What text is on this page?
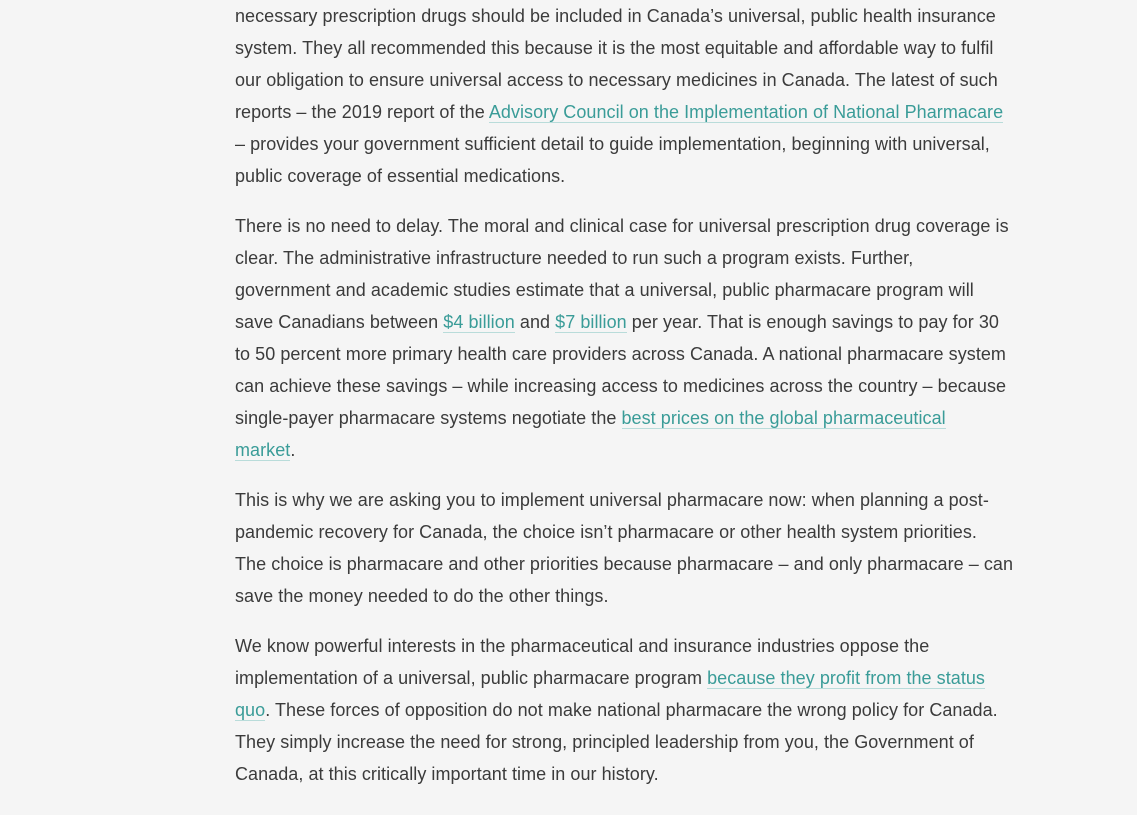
necessary prescription drugs should be included in Canada’s universal, public health insurance
system. They all recommended this because it is the most equitable and affordable way to fulfil
our obligation to ensure universal access to necessary medicines in Canada. The latest of such
reports – the 2019 report of the Advisory Council on the Implementation of National Pharmacare
– provides your government sufficient detail to guide implementation, beginning with universal,
public coverage of essential medications.

There is no need to delay. The moral and clinical case for universal prescription drug coverage is
clear. The administrative infrastructure needed to run such a program exists. Further,
government and academic studies estimate that a universal, public pharmacare program will
save Canadians between $4 billion and $7 billion per year. That is enough savings to pay for 30
to 50 percent more primary health care providers across Canada. A national pharmacare system
can achieve these savings – while increasing access to medicines across the country – because
single-payer pharmacare systems negotiate the best prices on the global pharmaceutical
market.

This is why we are asking you to implement universal pharmacare now: when planning a post-
pandemic recovery for Canada, the choice isn’t pharmacare or other health system priorities.
The choice is pharmacare and other priorities because pharmacare – and only pharmacare – can
save the money needed to do the other things.

We know powerful interests in the pharmaceutical and insurance industries oppose the
implementation of a universal, public pharmacare program because they profit from the status
quo. These forces of opposition do not make national pharmacare the wrong policy for Canada.
They simply increase the need for strong, principled leadership from you, the Government of
Canada, at this critically important time in our history.
